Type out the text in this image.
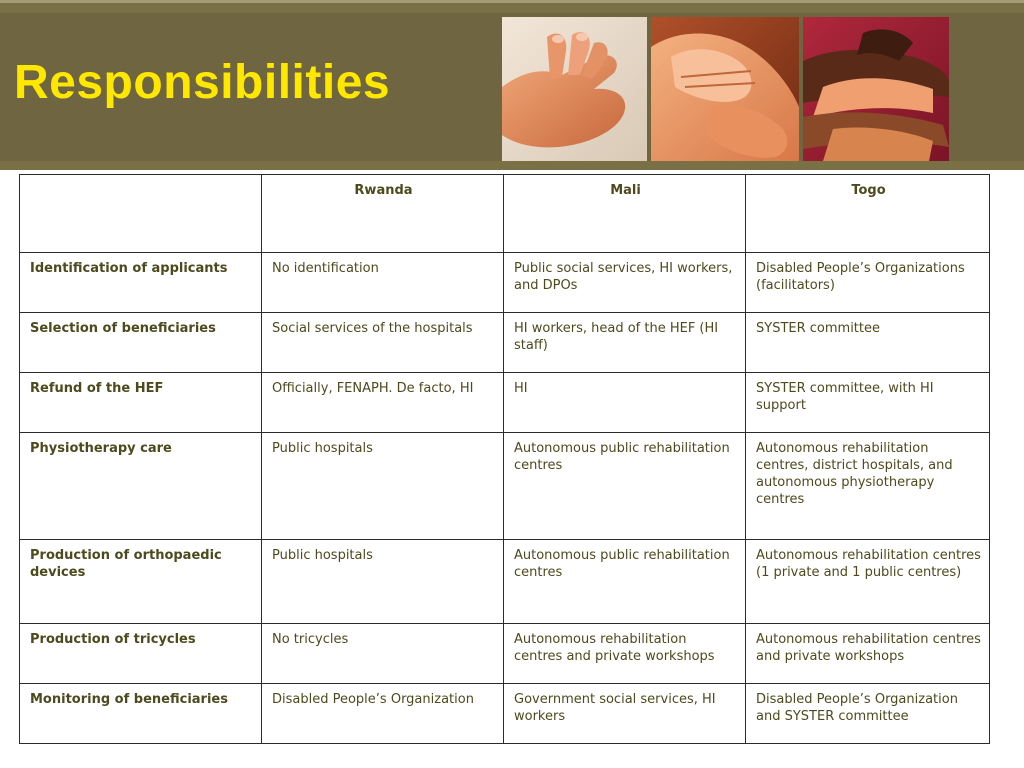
Responsibilities
	Rwanda	Mali	Togo
Identification of applicants	No identification	Public social services, HI workers, and DPOs	Disabled People’s Organizations (facilitators)
Selection of beneficiaries	Social services of the hospitals	HI workers, head of the HEF (HI staff)	SYSTER committee
Refund of the HEF	Officially, FENAPH. De facto, HI	HI	SYSTER committee, with HI support
Physiotherapy care	Public hospitals	Autonomous public rehabilitation centres	Autonomous rehabilitation centres, district hospitals, and autonomous physiotherapy centres
Production of orthopaedic devices	Public hospitals	Autonomous public rehabilitation centres	Autonomous rehabilitation centres (1 private and 1 public centres)
Production of tricycles	No tricycles	Autonomous rehabilitation centres and private workshops	Autonomous rehabilitation centres and private workshops
Monitoring of beneficiaries	Disabled People’s Organization	Government social services, HI workers	Disabled People’s Organization and SYSTER committee
